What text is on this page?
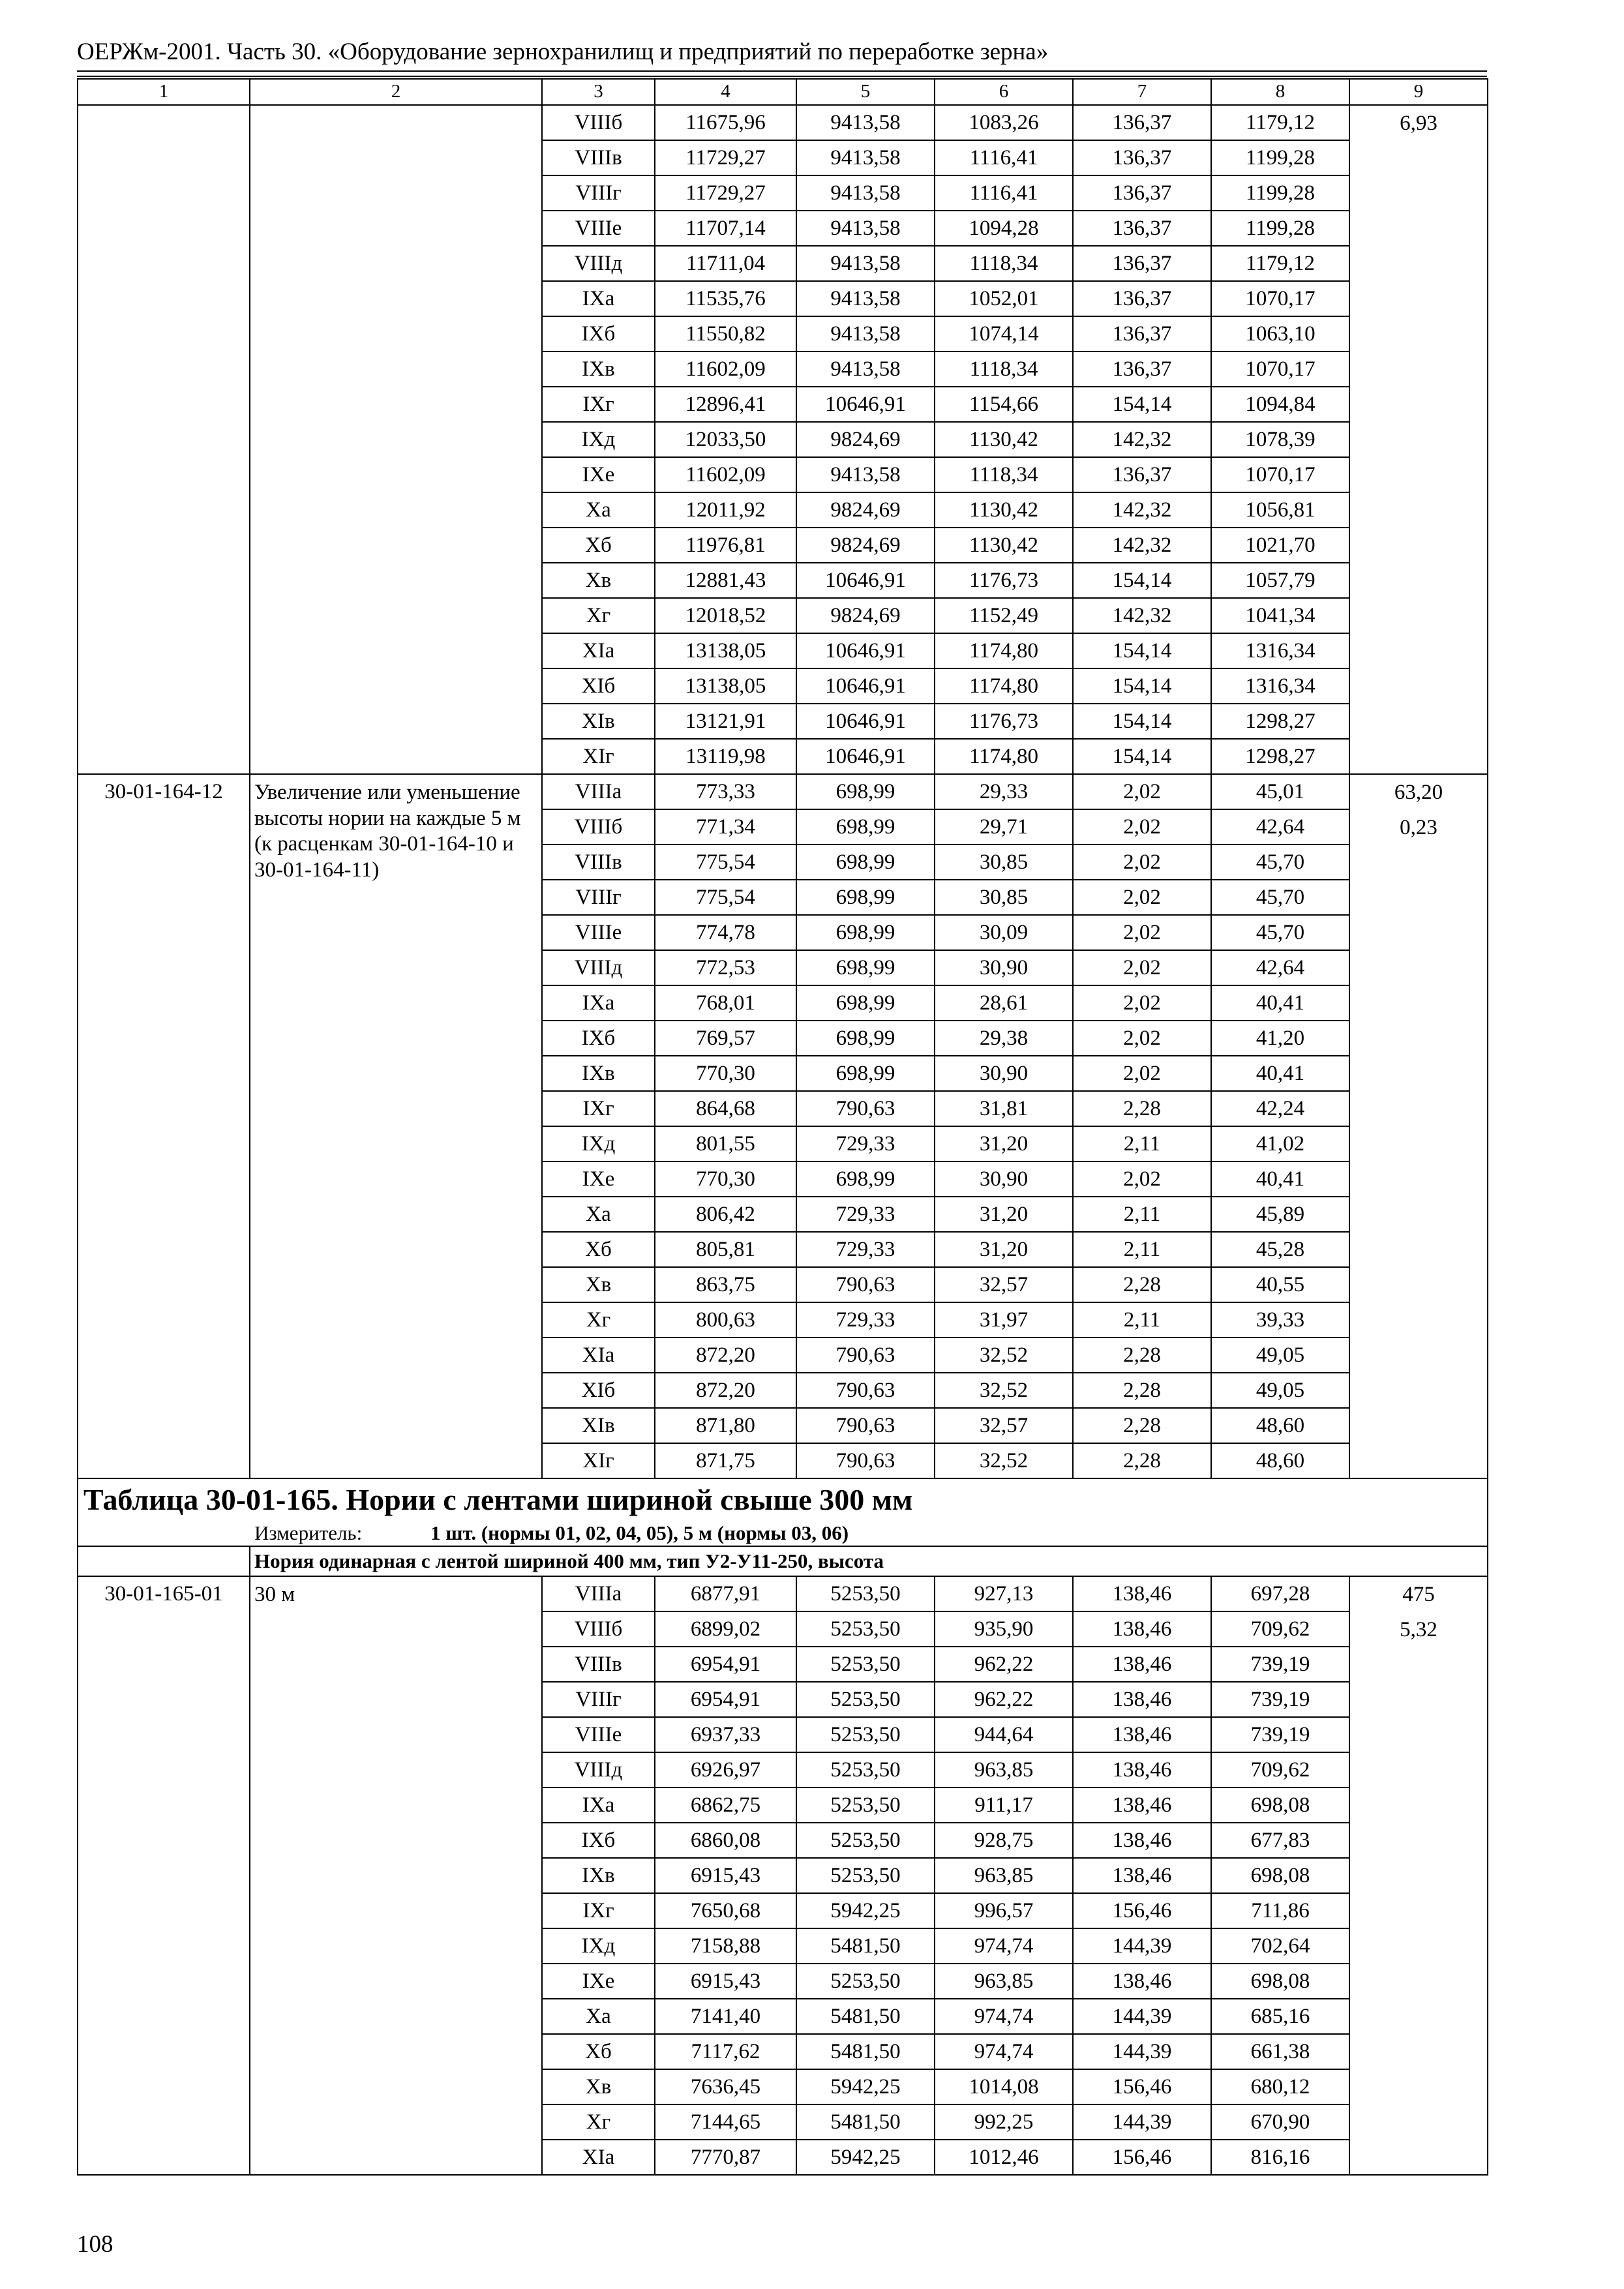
ОЕРЖм-2001. Часть 30. «Оборудование зернохранилищ и предприятий по переработке зерна»
1	2	3	4	5	6	7	8	9
		VIIIб	11675,96	9413,58	1083,26	136,37	1179,12	6,93

		VIIIв	11729,27	9413,58	1116,41	136,37	1199,28	
		VIIIг	11729,27	9413,58	1116,41	136,37	1199,28	
		VIIIе	11707,14	9413,58	1094,28	136,37	1199,28	
		VIIIд	11711,04	9413,58	1118,34	136,37	1179,12	
		IXа	11535,76	9413,58	1052,01	136,37	1070,17	
		IXб	11550,82	9413,58	1074,14	136,37	1063,10	
		IXв	11602,09	9413,58	1118,34	136,37	1070,17	
		IXг	12896,41	10646,91	1154,66	154,14	1094,84	
		IXд	12033,50	9824,69	1130,42	142,32	1078,39	
		IXе	11602,09	9413,58	1118,34	136,37	1070,17	
		Xа	12011,92	9824,69	1130,42	142,32	1056,81	
		Xб	11976,81	9824,69	1130,42	142,32	1021,70	
		Xв	12881,43	10646,91	1176,73	154,14	1057,79	
		Xг	12018,52	9824,69	1152,49	142,32	1041,34	
		XIа	13138,05	10646,91	1174,80	154,14	1316,34	
		XIб	13138,05	10646,91	1174,80	154,14	1316,34	
		XIв	13121,91	10646,91	1176,73	154,14	1298,27	
		XIг	13119,98	10646,91	1174,80	154,14	1298,27	
30-01-164-12	Увеличение или уменьшение высоты нории на каждые 5 м (к расценкам 30-01-164-10 и 30-01-164-11)	VIIIа	773,33	698,99	29,33	2,02	45,01	63,20
0,23

		VIIIб	771,34	698,99	29,71	2,02	42,64	
		VIIIв	775,54	698,99	30,85	2,02	45,70	
		VIIIг	775,54	698,99	30,85	2,02	45,70	
		VIIIе	774,78	698,99	30,09	2,02	45,70	
		VIIIд	772,53	698,99	30,90	2,02	42,64	
		IXа	768,01	698,99	28,61	2,02	40,41	
		IXб	769,57	698,99	29,38	2,02	41,20	
		IXв	770,30	698,99	30,90	2,02	40,41	
		IXг	864,68	790,63	31,81	2,28	42,24	
		IXд	801,55	729,33	31,20	2,11	41,02	
		IXе	770,30	698,99	30,90	2,02	40,41	
		Xа	806,42	729,33	31,20	2,11	45,89	
		Xб	805,81	729,33	31,20	2,11	45,28	
		Xв	863,75	790,63	32,57	2,28	40,55	
		Xг	800,63	729,33	31,97	2,11	39,33	
		XIа	872,20	790,63	32,52	2,28	49,05	
		XIб	872,20	790,63	32,52	2,28	49,05	
		XIв	871,80	790,63	32,57	2,28	48,60	
		XIг	871,75	790,63	32,52	2,28	48,60	
Таблица 30-01-165. Нории с лентами шириной свыше 300 мм								
Измеритель: 1 шт. (нормы 01, 02, 04, 05), 5 м (нормы 03, 06)								
	Нория одинарная с лентой шириной 400 мм, тип У2-У11-250, высота							
30-01-165-01	30 м	VIIIа	6877,91	5253,50	927,13	138,46	697,28	475
5,32

		VIIIб	6899,02	5253,50	935,90	138,46	709,62	
		VIIIв	6954,91	5253,50	962,22	138,46	739,19	
		VIIIг	6954,91	5253,50	962,22	138,46	739,19	
		VIIIе	6937,33	5253,50	944,64	138,46	739,19	
		VIIIд	6926,97	5253,50	963,85	138,46	709,62	
		IXа	6862,75	5253,50	911,17	138,46	698,08	
		IXб	6860,08	5253,50	928,75	138,46	677,83	
		IXв	6915,43	5253,50	963,85	138,46	698,08	
		IXг	7650,68	5942,25	996,57	156,46	711,86	
		IXд	7158,88	5481,50	974,74	144,39	702,64	
		IXе	6915,43	5253,50	963,85	138,46	698,08	
		Xа	7141,40	5481,50	974,74	144,39	685,16	
		Xб	7117,62	5481,50	974,74	144,39	661,38	
		Xв	7636,45	5942,25	1014,08	156,46	680,12	
		Xг	7144,65	5481,50	992,25	144,39	670,90	
		XIа	7770,87	5942,25	1012,46	156,46	816,16	
108
